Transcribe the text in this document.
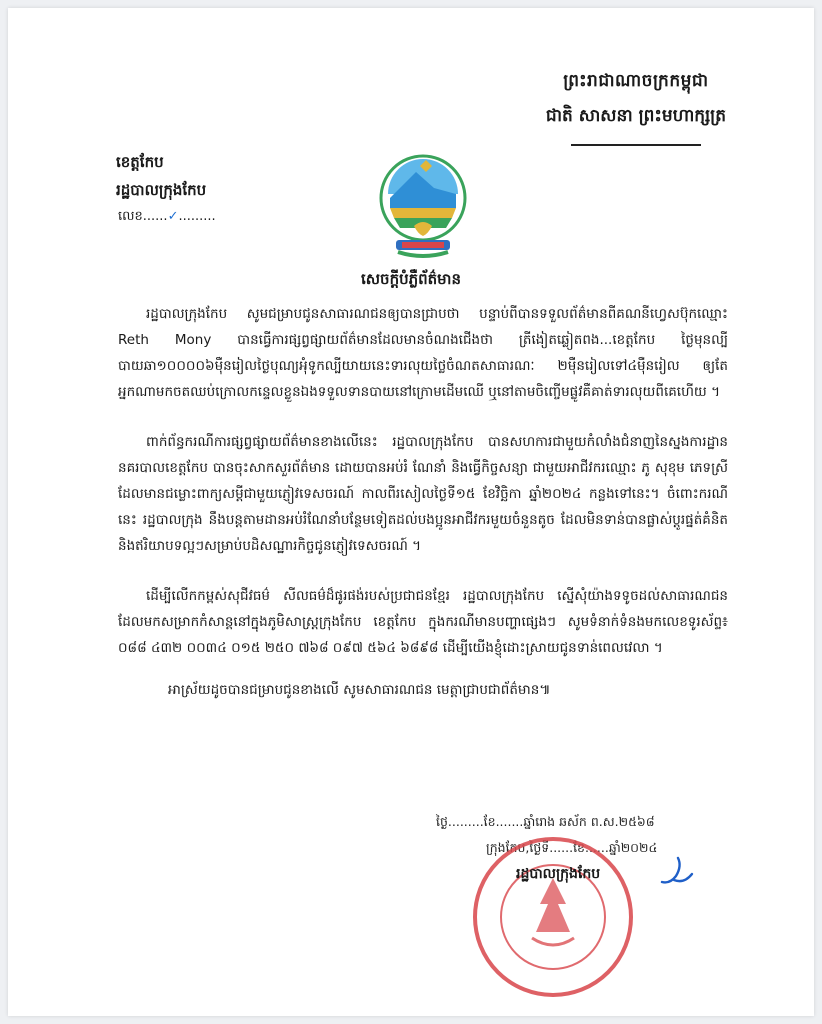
ព្រះរាជាណាចក្រកម្ពុជា
ជាតិ សាសនា ព្រះមហាក្សត្រ
ខេត្តកែប
រដ្ឋបាលក្រុងកែប
លេខ......✓.........
សេចក្តីបំភ្លឺព័ត៌មាន

រដ្ឋបាលក្រុងកែប សូមជម្រាបជូនសាធារណជនឲ្យបានជ្រាបថា បន្ទាប់ពីបានទទួលព័ត៌មានពីគណនីហ្វេសប៊ុកឈ្មោះ Reth Mony បានធ្វើការផ្សព្វផ្សាយព័ត៌មានដែលមានចំណងជើងថា ត្រីងៀតឆ្លៀតពង...ខេត្តកែប ថ្ងៃមុនល្បីបាយឆា១០០០០៦ម៉ឺនរៀលថ្ងៃបុណ្យអុំទូកល្បីយាយនេះទារលុយថ្លៃចំណតសាធារណៈ ២ម៉ឺនរៀលទៅ៤ម៉ឺនរៀល ឲ្យតែអ្នកណាមកចតឈប់ក្រោលកន្ទេលខ្លួនឯងទទួលទានបាយនៅក្រោមដើមឈើ ឬនៅតាមចិញ្ចើមផ្លូវគឺគាត់ទារលុយពីគេហើយ ។

ពាក់ព័ន្ធករណីការផ្សព្វផ្សាយព័ត៌មានខាងលើនេះ រដ្ឋបាលក្រុងកែប បានសហការជាមួយកំលាំងជំនាញនៃស្នងការដ្ឋាននគរបាលខេត្តកែប បានចុះសាកសួរព័ត៌មាន ដោយបានអប់រំ ណែនាំ និងធ្វើកិច្ចសន្យា ជាមួយអាជីវករឈ្មោះ ភូ សុខុម ភេទស្រី ដែលមានជម្លោះពាក្យសម្តីជាមួយភ្ញៀវទេសចរណ៍ កាលពីរសៀលថ្ងៃទី១៥ ខែវិច្ឆិកា ឆ្នាំ២០២៤ កន្លងទៅនេះ។ ចំពោះករណីនេះ រដ្ឋបាលក្រុង នឹងបន្តតាមដានអប់រំណែនាំបន្ថែមទៀតដល់បងប្អូនអាជីវករមួយចំនួនតូច ដែលមិនទាន់បានផ្លាស់ប្តូរផ្នត់គំនិត និងឥរិយាបទល្អៗសម្រាប់បដិសណ្ឋារកិច្ចជូនភ្ញៀវទេសចរណ៍ ។

ដើម្បីលើកកម្ពស់សុជីវធម៌ សីលធម៌ដ៏ផូរផង់របស់ប្រជាជនខ្មែរ រដ្ឋបាលក្រុងកែប ស្នើសុំយ៉ាងទទូចដល់សាធារណជន ដែលមកសម្រាកកំសាន្តនៅក្នុងភូមិសាស្ត្រក្រុងកែប ខេត្តកែប ក្នុងករណីមានបញ្ហាផ្សេងៗ សូមទំនាក់ទំនងមកលេខទូរស័ព្ទ៖ ០៨៨ ៤៣២ ០០៣៤ ០១៥ ២៥០ ៧៦៨ ០៩៧ ៥៦៤ ៦៨៩៨ ដើម្បីយើងខ្ញុំដោះស្រាយជូនទាន់ពេលវេលា ។

អាស្រ័យដូចបានជម្រាបជូនខាងលើ សូមសាធារណជន មេត្តាជ្រាបជាព័ត៌មាន៕

ថ្ងៃ.........ខែ.......ឆ្នាំរោង ឆស័ក ព.ស.២៥៦៨
ក្រុងកែប,ថ្ងៃទី......ខែ......ឆ្នាំ២០២៤
រដ្ឋបាលក្រុងកែប
